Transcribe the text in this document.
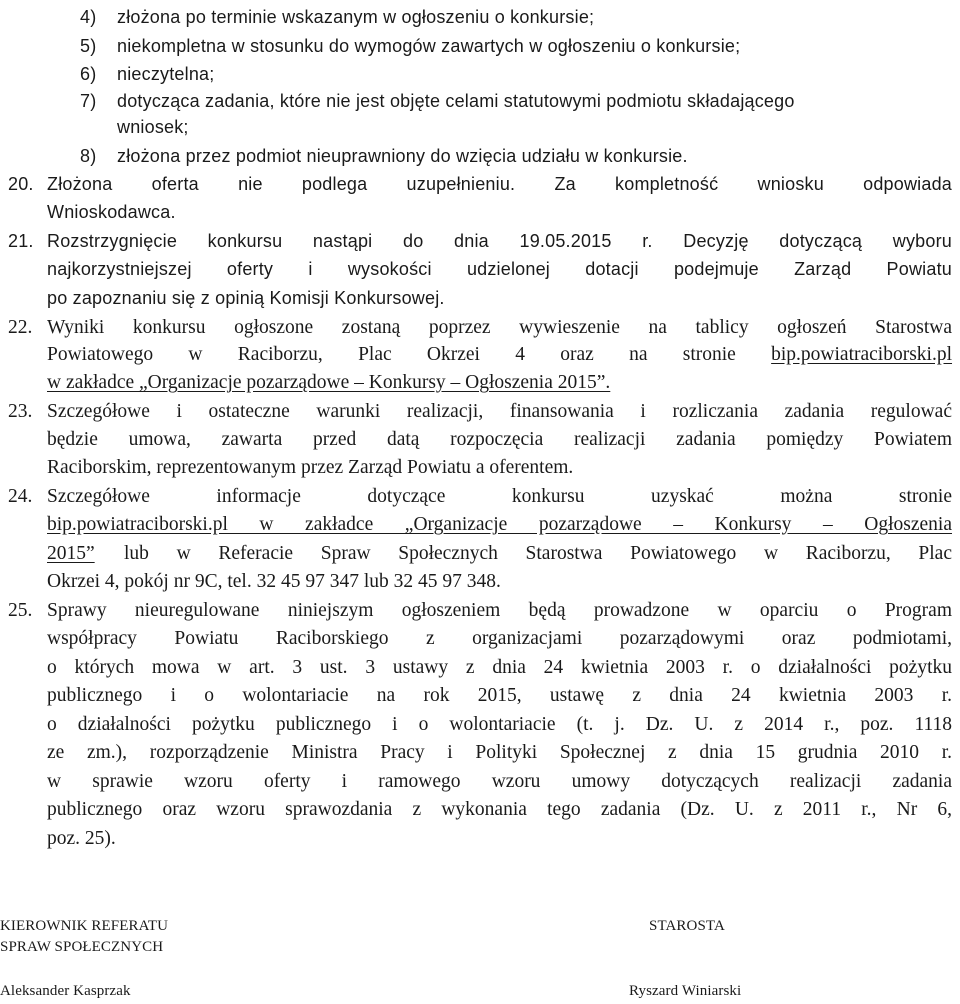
4) złożona po terminie wskazanym w ogłoszeniu o konkursie;
5) niekompletna w stosunku do wymogów zawartych w ogłoszeniu o konkursie;
6) nieczytelna;
7) dotycząca zadania, które nie jest objęte celami statutowymi podmiotu składającego
wniosek;
8) złożona przez podmiot nieuprawniony do wzięcia udziału w konkursie.
20. Złożona oferta nie podlega uzupełnieniu. Za kompletność wniosku odpowiada

Wnioskodawca.
21. Rozstrzygnięcie konkursu nastąpi do dnia 19.05.2015 r. Decyzję dotyczącą wyboru

najkorzystniejszej oferty i wysokości udzielonej dotacji podejmuje Zarząd Powiatu

po zapoznaniu się z opinią Komisji Konkursowej.
22. Wyniki konkursu ogłoszone zostaną poprzez wywieszenie na tablicy ogłoszeń Starostwa

Powiatowego w Raciborzu, Plac Okrzei 4 oraz na stronie bip.powiatraciborski.pl

w zakładce „Organizacje pozarządowe – Konkursy – Ogłoszenia 2015”.
23. Szczegółowe i ostateczne warunki realizacji, finansowania i rozliczania zadania regulować

będzie umowa, zawarta przed datą rozpoczęcia realizacji zadania pomiędzy Powiatem

Raciborskim, reprezentowanym przez Zarząd Powiatu a oferentem.
24. Szczegółowe informacje dotyczące konkursu uzyskać można stronie

bip.powiatraciborski.pl w zakładce „Organizacje pozarządowe – Konkursy – Ogłoszenia

2015” lub w Referacie Spraw Społecznych Starostwa Powiatowego w Raciborzu, Plac

Okrzei 4, pokój nr 9C, tel. 32 45 97 347 lub 32 45 97 348.
25. Sprawy nieuregulowane niniejszym ogłoszeniem będą prowadzone w oparciu o Program

współpracy Powiatu Raciborskiego z organizacjami pozarządowymi oraz podmiotami,

o których mowa w art. 3 ust. 3 ustawy z dnia 24 kwietnia 2003 r. o działalności pożytku

publicznego i o wolontariacie na rok 2015, ustawę z dnia 24 kwietnia 2003 r.

o działalności pożytku publicznego i o wolontariacie (t. j. Dz. U. z 2014 r., poz. 1118

ze zm.), rozporządzenie Ministra Pracy i Polityki Społecznej z dnia 15 grudnia 2010 r.

w sprawie wzoru oferty i ramowego wzoru umowy dotyczących realizacji zadania

publicznego oraz wzoru sprawozdania z wykonania tego zadania (Dz. U. z 2011 r., Nr 6,

poz. 25).
KIEROWNIK REFERATU
SPRAW SPOŁECZNYCH
Aleksander Kasprzak
STAROSTA
Ryszard Winiarski
